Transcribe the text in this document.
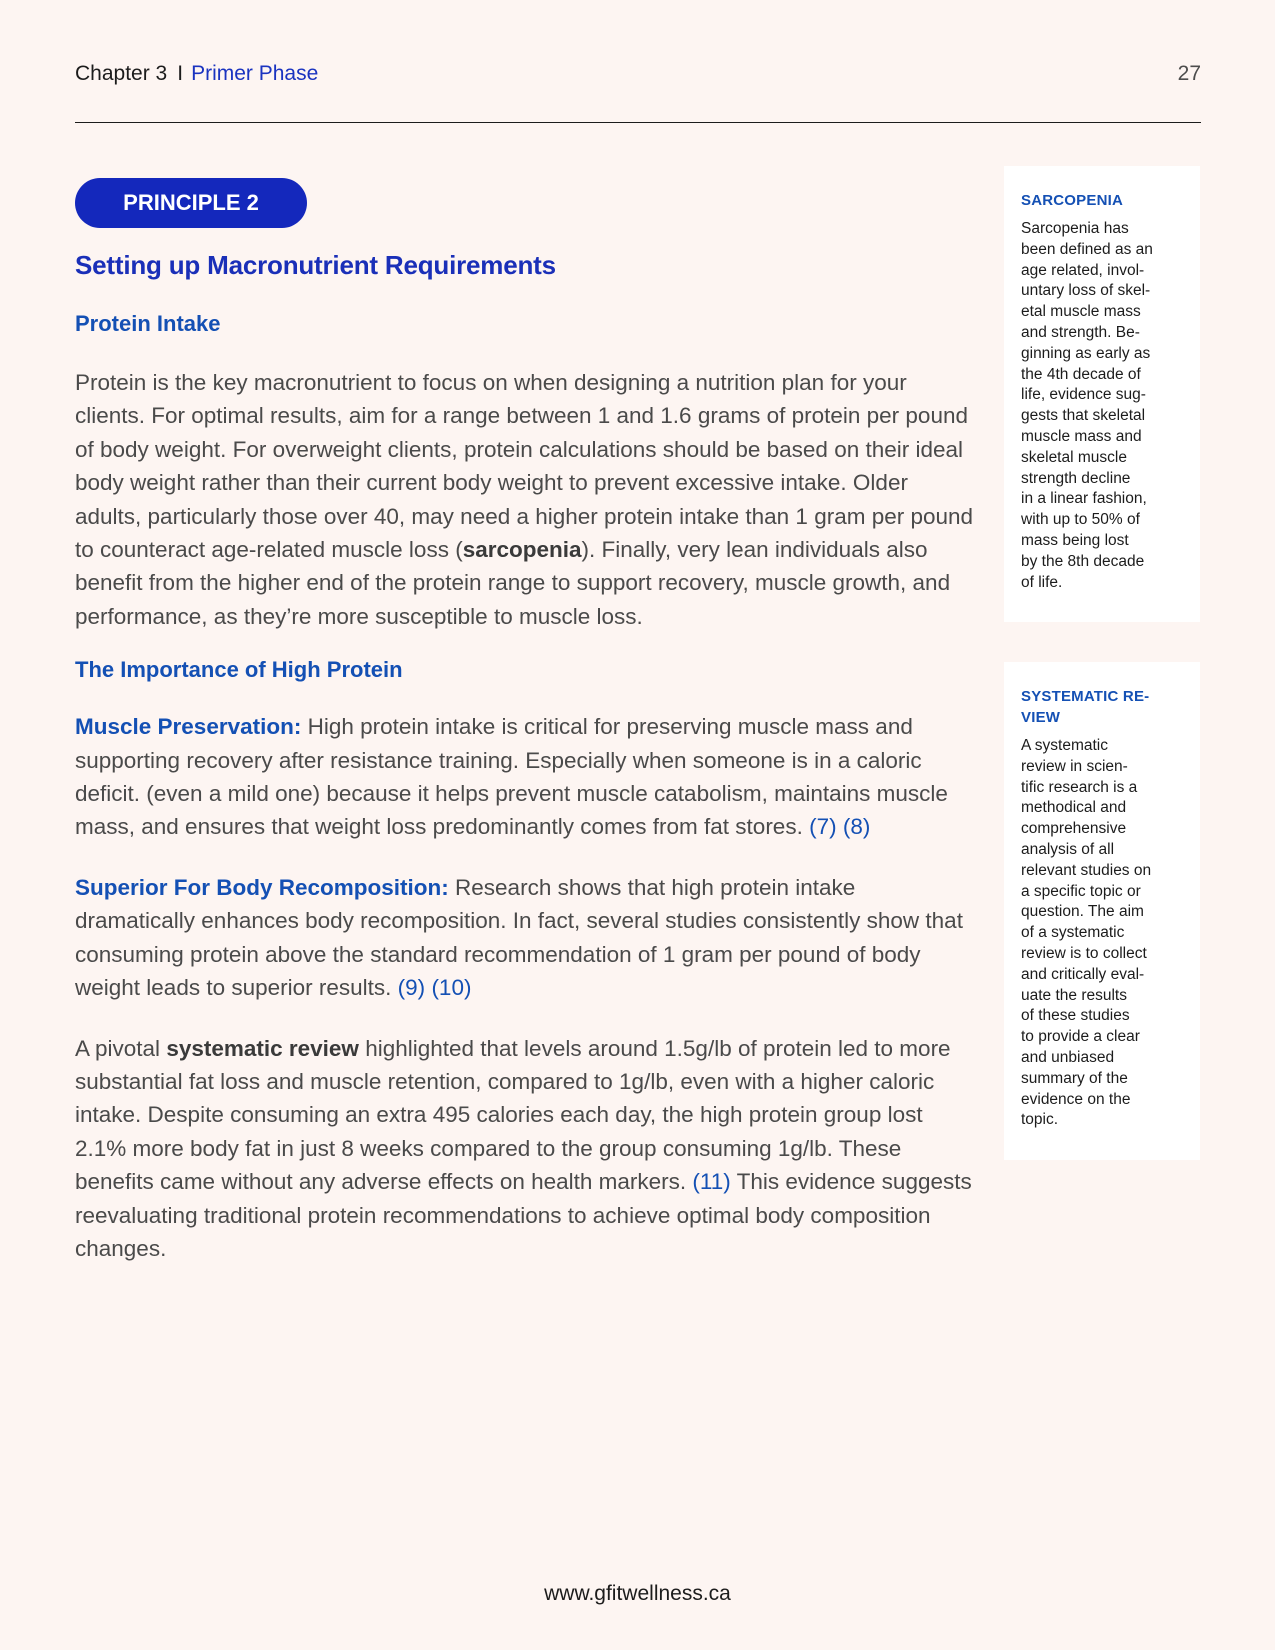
Chapter 3 I Primer Phase	27
PRINCIPLE 2
Setting up Macronutrient Requirements
Protein Intake

Protein is the key macronutrient to focus on when designing a nutrition plan for your clients. For optimal results, aim for a range between 1 and 1.6 grams of protein per pound of body weight. For overweight clients, protein calculations should be based on their ideal body weight rather than their current body weight to prevent excessive intake. Older adults, particularly those over 40, may need a higher protein intake than 1 gram per pound to counteract age-related muscle loss (sarcopenia). Finally, very lean individuals also benefit from the higher end of the protein range to support recovery, muscle growth, and performance, as they’re more susceptible to muscle loss.

The Importance of High Protein

Muscle Preservation: High protein intake is critical for preserving muscle mass and supporting recovery after resistance training. Especially when someone is in a caloric deficit. (even a mild one) because it helps prevent muscle catabolism, maintains muscle mass, and ensures that weight loss predominantly comes from fat stores. (7) (8)

Superior For Body Recomposition: Research shows that high protein intake dramatically enhances body recomposition. In fact, several studies consistently show that consuming protein above the standard recommendation of 1 gram per pound of body weight leads to superior results. (9) (10)

A pivotal systematic review highlighted that levels around 1.5g/lb of protein led to more substantial fat loss and muscle retention, compared to 1g/lb, even with a higher caloric intake. Despite consuming an extra 495 calories each day, the high protein group lost 2.1% more body fat in just 8 weeks compared to the group consuming 1g/lb. These benefits came without any adverse effects on health markers. (11) This evidence suggests reevaluating traditional protein recommendations to achieve optimal body composition changes.

SARCOPENIA
Sarcopenia has
been defined as an
age related, invol-
untary loss of skel-
etal muscle mass
and strength. Be-
ginning as early as
the 4th decade of
life, evidence sug-
gests that skeletal
muscle mass and
skeletal muscle
strength decline
in a linear fashion,
with up to 50% of
mass being lost
by the 8th decade
of life.
SYSTEMATIC RE-
VIEW
A systematic
review in scien-
tific research is a
methodical and
comprehensive
analysis of all
relevant studies on
a specific topic or
question. The aim
of a systematic
review is to collect
and critically eval-
uate the results
of these studies
to provide a clear
and unbiased
summary of the
evidence on the
topic.
www.gfitwellness.ca
